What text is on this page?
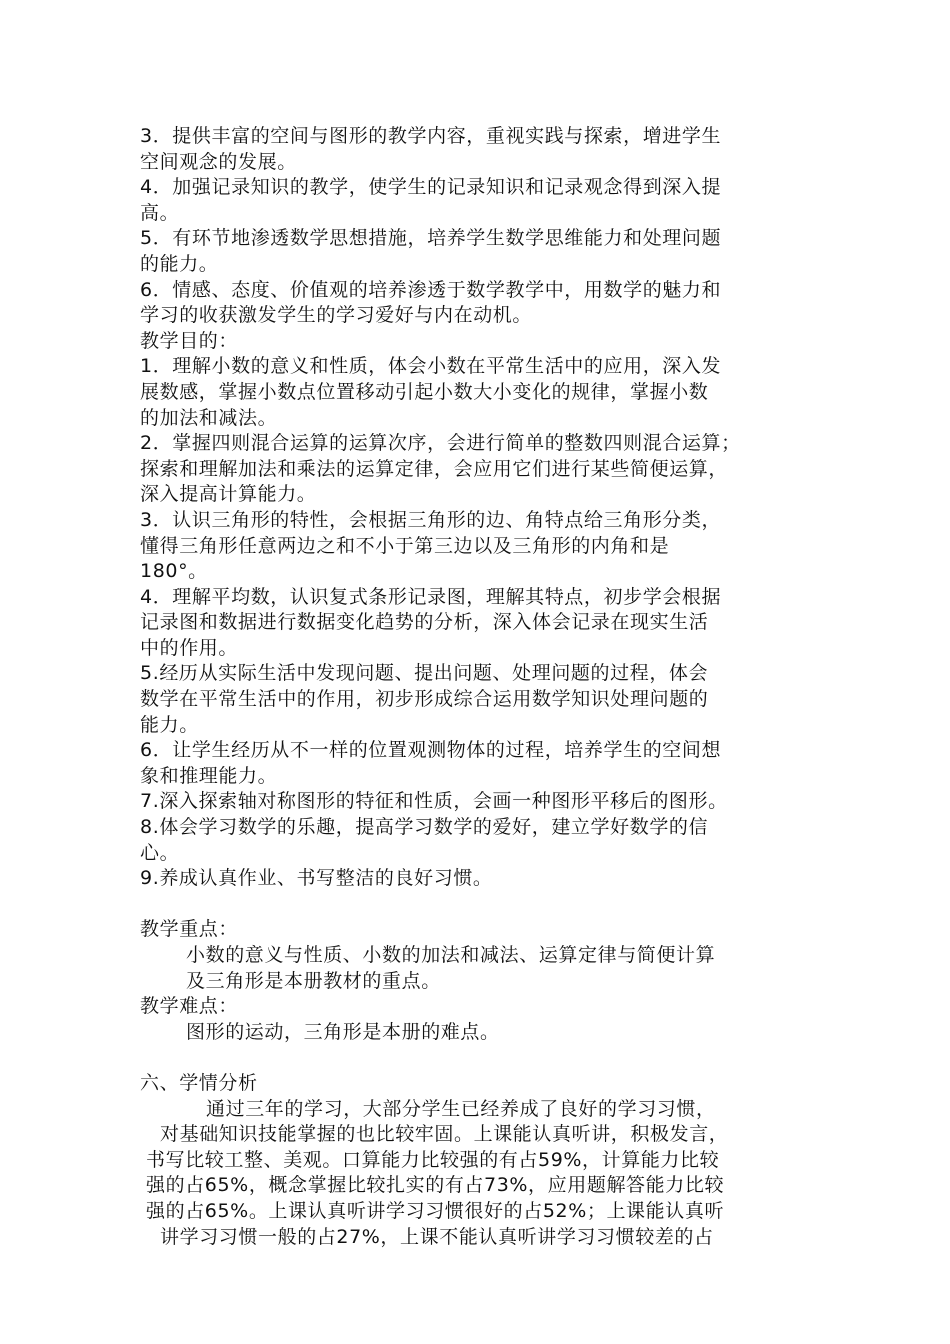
3．提供丰富的空间与图形的教学内容，重视实践与探索，增进学生
空间观念的发展。
4．加强记录知识的教学，使学生的记录知识和记录观念得到深入提
高。
5．有环节地渗透数学思想措施，培养学生数学思维能力和处理问题
的能力。
6．情感、态度、价值观的培养渗透于数学教学中，用数学的魅力和
学习的收获激发学生的学习爱好与内在动机。
教学目的：
1．理解小数的意义和性质，体会小数在平常生活中的应用，深入发
展数感，掌握小数点位置移动引起小数大小变化的规律，掌握小数
的加法和减法。
2．掌握四则混合运算的运算次序，会进行简单的整数四则混合运算；
探索和理解加法和乘法的运算定律，会应用它们进行某些简便运算，
深入提高计算能力。
3．认识三角形的特性，会根据三角形的边、角特点给三角形分类，
懂得三角形任意两边之和不小于第三边以及三角形的内角和是
180°。
4．理解平均数，认识复式条形记录图，理解其特点，初步学会根据
记录图和数据进行数据变化趋势的分析，深入体会记录在现实生活
中的作用。
5.经历从实际生活中发现问题、提出问题、处理问题的过程，体会
数学在平常生活中的作用，初步形成综合运用数学知识处理问题的
能力。
6．让学生经历从不一样的位置观测物体的过程，培养学生的空间想
象和推理能力。
7.深入探索轴对称图形的特征和性质，会画一种图形平移后的图形。
8.体会学习数学的乐趣，提高学习数学的爱好，建立学好数学的信
心。
9.养成认真作业、书写整洁的良好习惯。
教学重点：
小数的意义与性质、小数的加法和减法、运算定律与简便计算
及三角形是本册教材的重点。
教学难点：
图形的运动，三角形是本册的难点。
六、学情分析
通过三年的学习，大部分学生已经养成了良好的学习习惯，
对基础知识技能掌握的也比较牢固。上课能认真听讲，积极发言，
书写比较工整、美观。口算能力比较强的有占59%，计算能力比较
强的占65%，概念掌握比较扎实的有占73%，应用题解答能力比较
强的占65%。上课认真听讲学习习惯很好的占52%；上课能认真听
讲学习习惯一般的占27%，上课不能认真听讲学习习惯较差的占
